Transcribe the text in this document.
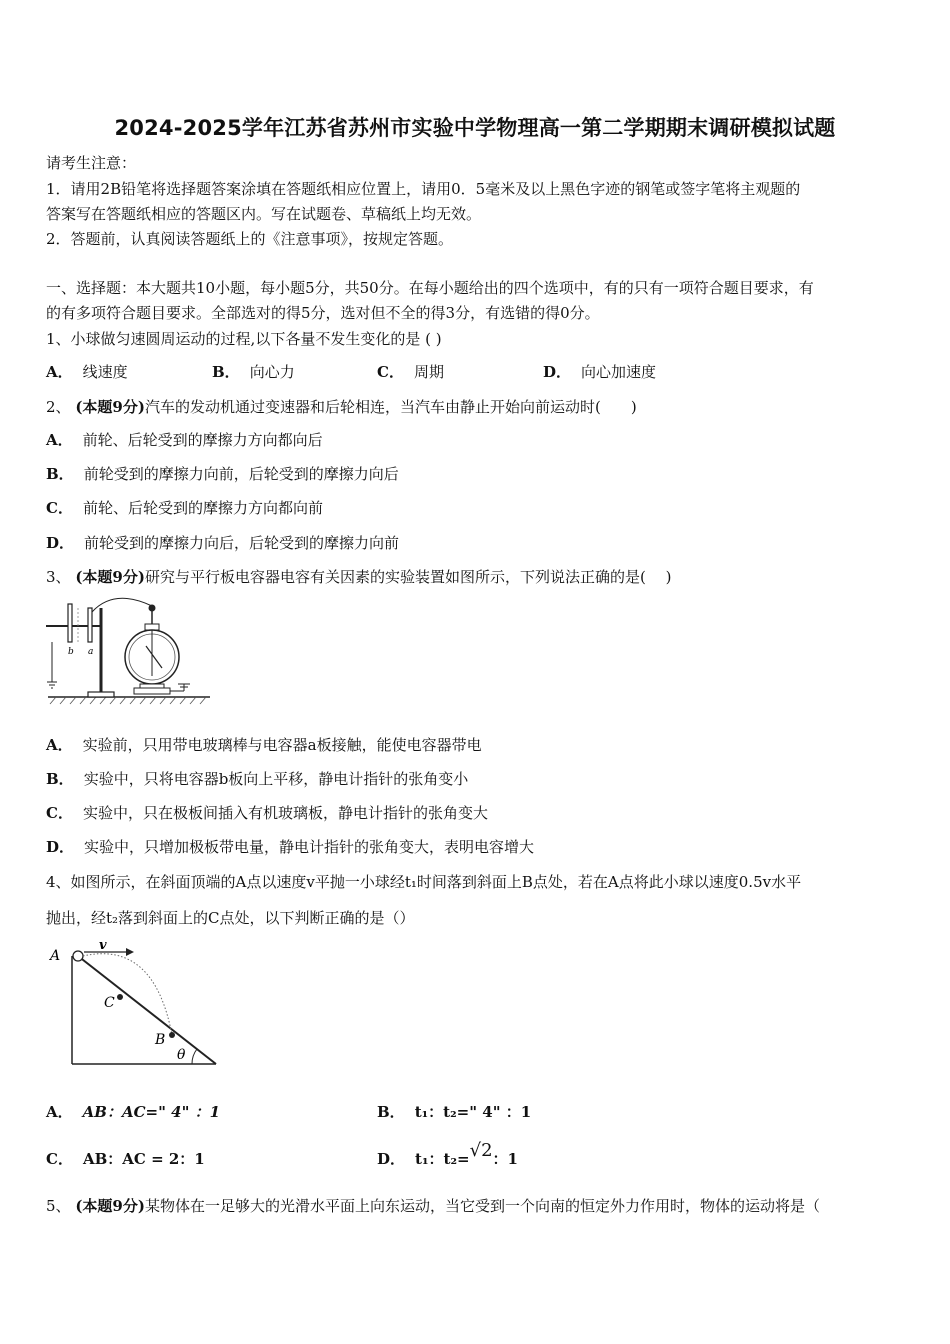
2024-2025学年江苏省苏州市实验中学物理高一第二学期期末调研模拟试题
请考生注意：
1．请用2B铅笔将选择题答案涂填在答题纸相应位置上，请用0．5毫米及以上黑色字迹的钢笔或签字笔将主观题的
答案写在答题纸相应的答题区内。写在试题卷、草稿纸上均无效。
2．答题前，认真阅读答题纸上的《注意事项》，按规定答题。
一、选择题：本大题共10小题，每小题5分，共50分。在每小题给出的四个选项中，有的只有一项符合题目要求，有
的有多项符合题目要求。全部选对的得5分，选对但不全的得3分，有选错的得0分。
1、小球做匀速圆周运动的过程,以下各量不发生变化的是 ( )
A． 线速度	B． 向心力	C． 周期	D． 向心加速度
2、 (本题9分)汽车的发动机通过变速器和后轮相连，当汽车由静止开始向前运动时(　　)
A． 前轮、后轮受到的摩擦力方向都向后
B． 前轮受到的摩擦力向前，后轮受到的摩擦力向后
C． 前轮、后轮受到的摩擦力方向都向前
D． 前轮受到的摩擦力向后，后轮受到的摩擦力向前
3、 (本题9分)研究与平行板电容器电容有关因素的实验装置如图所示，下列说法正确的是(　 )
b a
A． 实验前，只用带电玻璃棒与电容器a板接触，能使电容器带电
B． 实验中，只将电容器b板向上平移，静电计指针的张角变小
C． 实验中，只在极板间插入有机玻璃板，静电计指针的张角变大
D． 实验中，只增加极板带电量，静电计指针的张角变大，表明电容增大
4、如图所示，在斜面顶端的A点以速度v平抛一小球经t₁时间落到斜面上B点处，若在A点将此小球以速度0.5v水平
抛出，经t₂落到斜面上的C点处，以下判断正确的是（）
A
v
C
B
θ
A． AB：AC=" 4" ：1	B． t₁：t₂=" 4" ：1
C． AB：AC = 2：1	D． t₁：t₂=√2：1
5、 (本题9分)某物体在一足够大的光滑水平面上向东运动，当它受到一个向南的恒定外力作用时，物体的运动将是（
